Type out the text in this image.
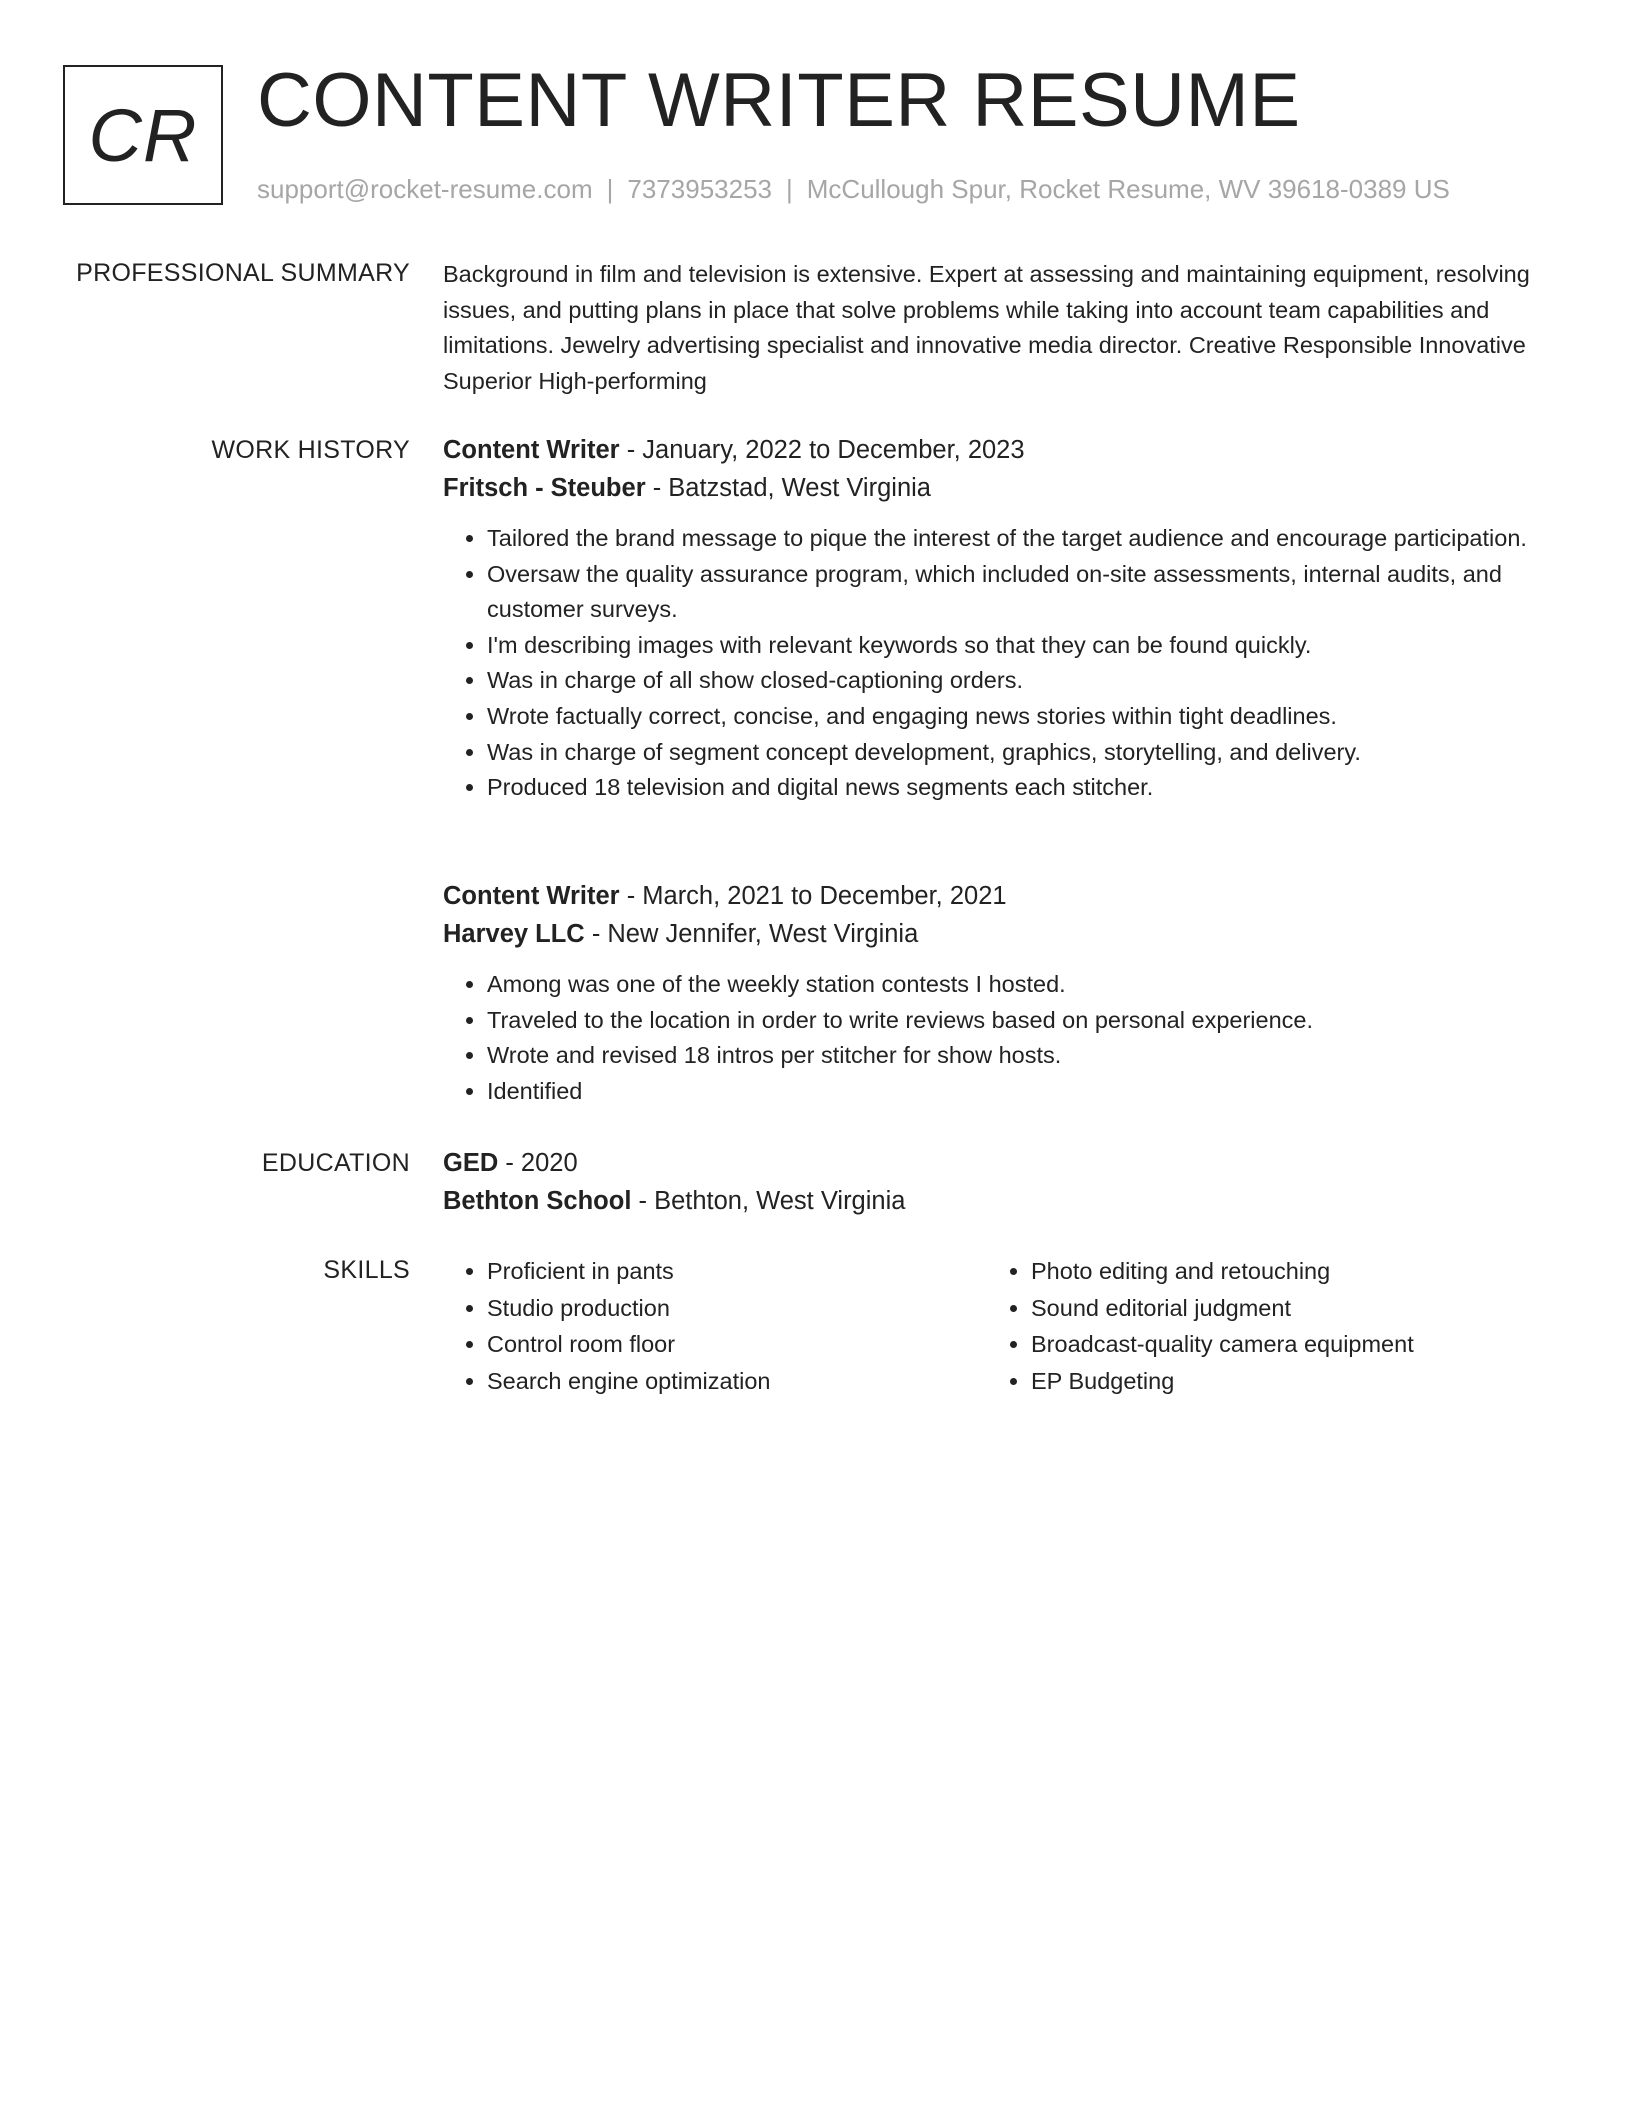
CR CONTENT WRITER RESUME
support@rocket-resume.com | 7373953253 | McCullough Spur, Rocket Resume, WV 39618-0389 US
PROFESSIONAL SUMMARY Background in film and television is extensive. Expert at assessing and maintaining equipment, resolving issues, and putting plans in place that solve problems while taking into account team capabilities and limitations. Jewelry advertising specialist and innovative media director. Creative Responsible Innovative Superior High-performing

WORK HISTORY Content Writer - January, 2022 to December, 2023
Fritsch - Steuber - Batzstad, West Virginia
• Tailored the brand message to pique the interest of the target audience and encourage participation.
• Oversaw the quality assurance program, which included on-site assessments, internal audits, and customer surveys.
• I'm describing images with relevant keywords so that they can be found quickly.
• Was in charge of all show closed-captioning orders.
• Wrote factually correct, concise, and engaging news stories within tight deadlines.
• Was in charge of segment concept development, graphics, storytelling, and delivery.
• Produced 18 television and digital news segments each stitcher.
Content Writer - March, 2021 to December, 2021
Harvey LLC - New Jennifer, West Virginia
• Among was one of the weekly station contests I hosted.
• Traveled to the location in order to write reviews based on personal experience.
• Wrote and revised 18 intros per stitcher for show hosts.
• Identified
EDUCATION GED - 2020
Bethton School - Bethton, West Virginia
SKILLS
•	Proficient in pants
• Studio production
• Control room floor
• Search engine optimization
• Photo editing and retouching
• Sound editorial judgment
• Broadcast-quality camera equipment
• EP Budgeting
